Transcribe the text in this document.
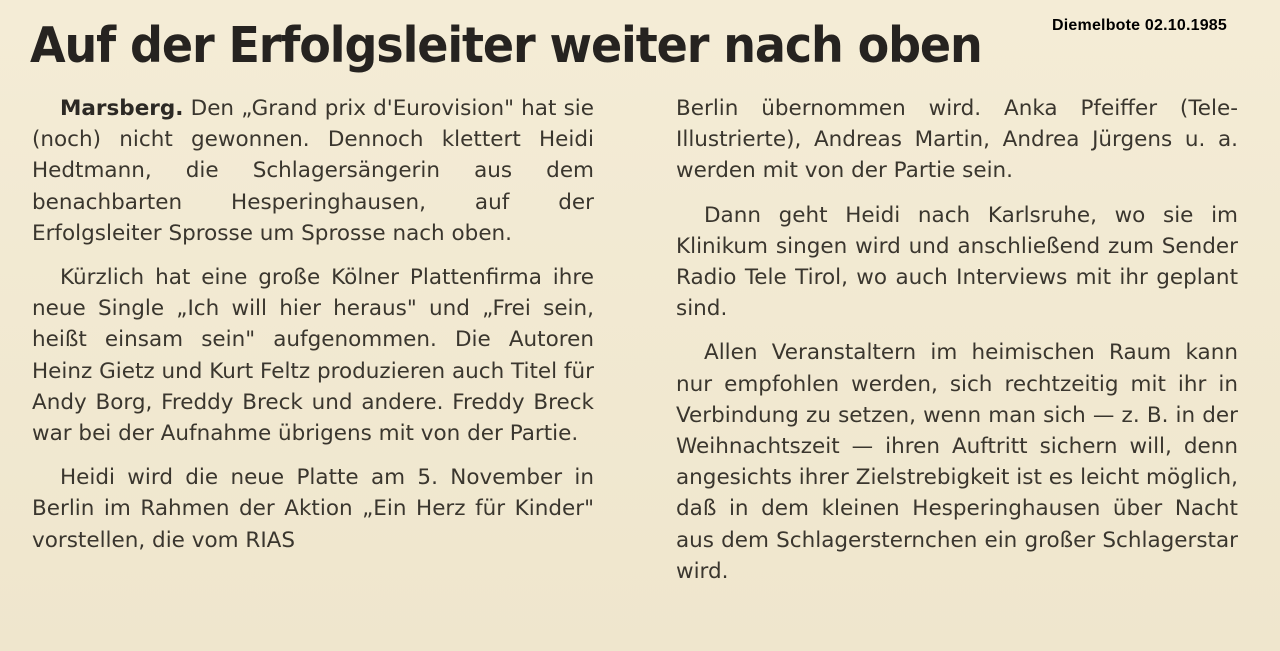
Diemelbote 02.10.1985
Auf der Erfolgsleiter weiter nach oben

Marsberg. Den „Grand prix d'Eurovision" hat sie (noch) nicht gewonnen. Dennoch klettert Heidi Hedtmann, die Schlagersängerin aus dem benachbarten Hesperinghausen, auf der Erfolgsleiter Sprosse um Sprosse nach oben.

Kürzlich hat eine große Kölner Plattenfirma ihre neue Single „Ich will hier heraus" und „Frei sein, heißt einsam sein" aufgenommen. Die Autoren Heinz Gietz und Kurt Feltz produzieren auch Titel für Andy Borg, Freddy Breck und andere. Freddy Breck war bei der Aufnahme übrigens mit von der Partie.

Heidi wird die neue Platte am 5. November in Berlin im Rahmen der Aktion „Ein Herz für Kinder" vorstellen, die vom RIAS

Berlin übernommen wird. Anka Pfeiffer (Tele-Illustrierte), Andreas Martin, Andrea Jürgens u. a. werden mit von der Partie sein.

Dann geht Heidi nach Karlsruhe, wo sie im Klinikum singen wird und anschließend zum Sender Radio Tele Tirol, wo auch Interviews mit ihr geplant sind.

Allen Veranstaltern im heimischen Raum kann nur empfohlen werden, sich rechtzeitig mit ihr in Verbindung zu setzen, wenn man sich — z. B. in der Weihnachtszeit — ihren Auftritt sichern will, denn angesichts ihrer Zielstrebigkeit ist es leicht möglich, daß in dem kleinen Hesperinghausen über Nacht aus dem Schlagersternchen ein großer Schlagerstar wird.
